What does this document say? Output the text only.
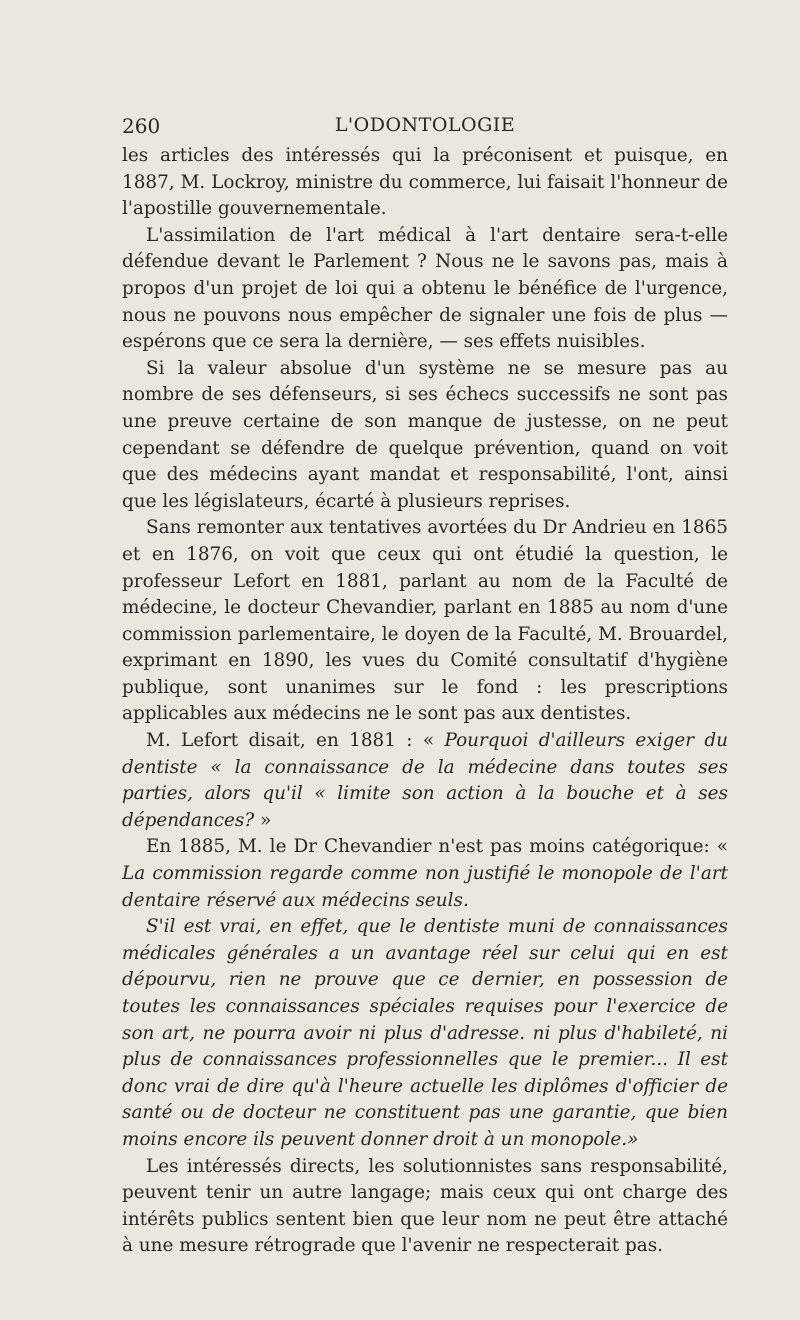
260	L'ODONTOLOGIE

les articles des intéressés qui la préconisent et puisque, en 1887, M. Lockroy, ministre du commerce, lui faisait l'honneur de l'apostille gouvernementale.

L'assimilation de l'art médical à l'art dentaire sera-t-elle défendue devant le Parlement ? Nous ne le savons pas, mais à propos d'un projet de loi qui a obtenu le bénéfice de l'urgence, nous ne pouvons nous empêcher de signaler une fois de plus — espérons que ce sera la dernière, — ses effets nuisibles.

Si la valeur absolue d'un système ne se mesure pas au nombre de ses défenseurs, si ses échecs successifs ne sont pas une preuve certaine de son manque de justesse, on ne peut cependant se défendre de quelque prévention, quand on voit que des médecins ayant mandat et responsabilité, l'ont, ainsi que les législateurs, écarté à plusieurs reprises.

Sans remonter aux tentatives avortées du Dr Andrieu en 1865 et en 1876, on voit que ceux qui ont étudié la question, le professeur Lefort en 1881, parlant au nom de la Faculté de médecine, le docteur Chevandier, parlant en 1885 au nom d'une commission parlementaire, le doyen de la Faculté, M. Brouardel, exprimant en 1890, les vues du Comité consultatif d'hygiène publique, sont unanimes sur le fond : les prescriptions applicables aux médecins ne le sont pas aux dentistes.

M. Lefort disait, en 1881 : « Pourquoi d'ailleurs exiger du dentiste « la connaissance de la médecine dans toutes ses parties, alors qu'il « limite son action à la bouche et à ses dépendances? »

En 1885, M. le Dr Chevandier n'est pas moins catégorique: « La commission regarde comme non justifié le monopole de l'art dentaire réservé aux médecins seuls.

S'il est vrai, en effet, que le dentiste muni de connaissances médicales générales a un avantage réel sur celui qui en est dépourvu, rien ne prouve que ce dernier, en possession de toutes les connaissances spéciales requises pour l'exercice de son art, ne pourra avoir ni plus d'adresse. ni plus d'habileté, ni plus de connaissances professionnelles que le premier... Il est donc vrai de dire qu'à l'heure actuelle les diplômes d'officier de santé ou de docteur ne constituent pas une garantie, que bien moins encore ils peuvent donner droit à un monopole.»

Les intéressés directs, les solutionnistes sans responsabilité, peuvent tenir un autre langage; mais ceux qui ont charge des intérêts publics sentent bien que leur nom ne peut être attaché à une mesure rétrograde que l'avenir ne respecterait pas.
